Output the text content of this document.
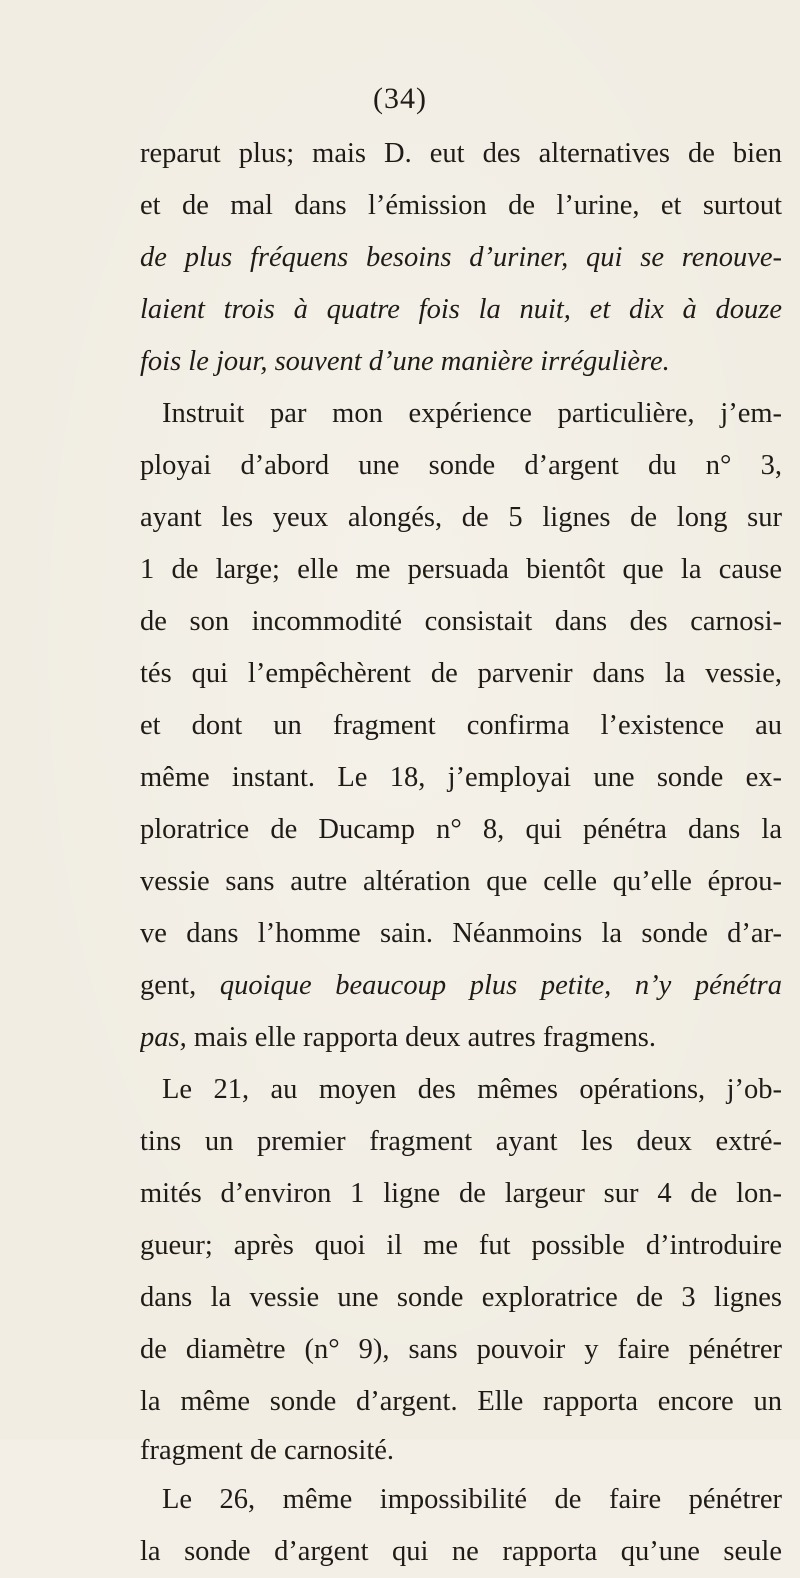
(34)
reparut plus; mais D. eut des alternatives de bien
et de mal dans l’émission de l’urine, et surtout
de plus fréquens besoins d’uriner, qui se renouve-
laient trois à quatre fois la nuit, et dix à douze
fois le jour, souvent d’une manière irrégulière.
Instruit par mon expérience particulière, j’em-
ployai d’abord une sonde d’argent du n° 3,
ayant les yeux alongés, de 5 lignes de long sur
1 de large; elle me persuada bientôt que la cause
de son incommodité consistait dans des carnosi-
tés qui l’empêchèrent de parvenir dans la vessie,
et dont un fragment confirma l’existence au
même instant. Le 18, j’employai une sonde ex-
ploratrice de Ducamp n° 8, qui pénétra dans la
vessie sans autre altération que celle qu’elle éprou-
ve dans l’homme sain. Néanmoins la sonde d’ar-
gent, quoique beaucoup plus petite, n’y pénétra
pas, mais elle rapporta deux autres fragmens.
Le 21, au moyen des mêmes opérations, j’ob-
tins un premier fragment ayant les deux extré-
mités d’environ 1 ligne de largeur sur 4 de lon-
gueur; après quoi il me fut possible d’introduire
dans la vessie une sonde exploratrice de 3 lignes
de diamètre (n° 9), sans pouvoir y faire pénétrer
la même sonde d’argent. Elle rapporta encore un
fragment de carnosité.
Le 26, même impossibilité de faire pénétrer
la sonde d’argent qui ne rapporta qu’une seule
